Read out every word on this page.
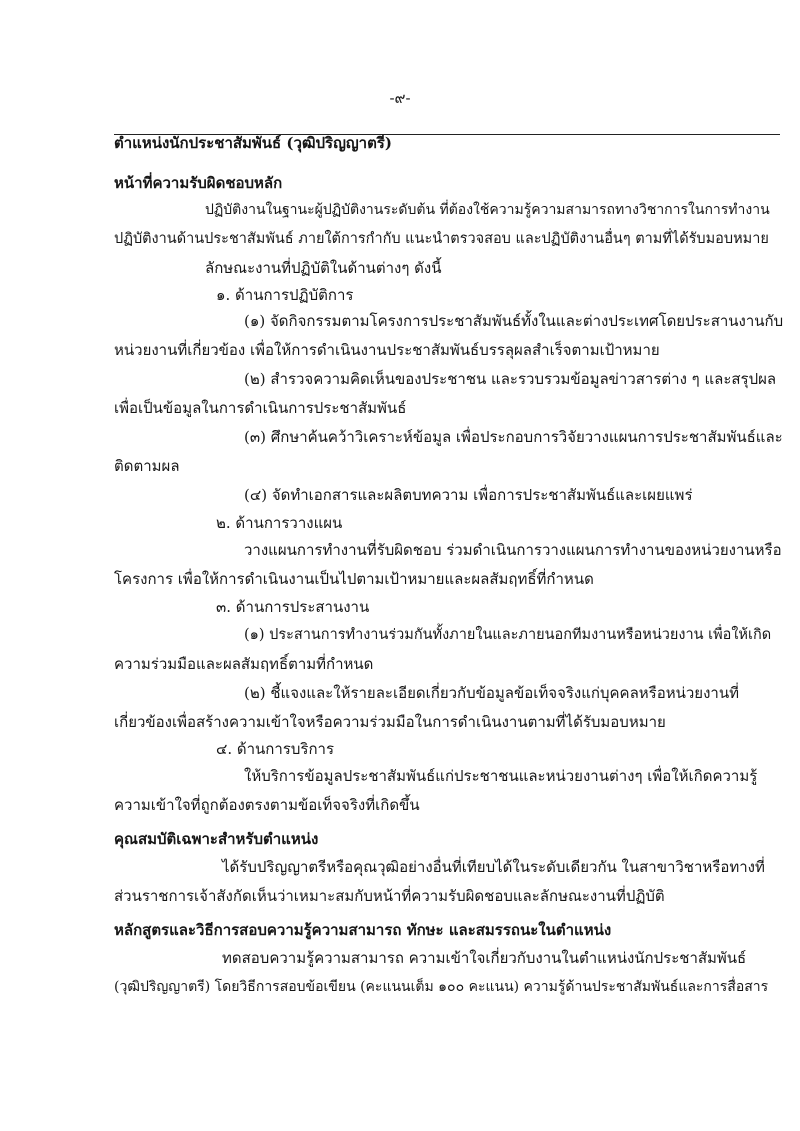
-๙-
ตำแหน่งนักประชาสัมพันธ์ (วุฒิปริญญาตรี)
หน้าที่ความรับผิดชอบหลัก
ปฏิบัติงานในฐานะผู้ปฏิบัติงานระดับต้น ที่ต้องใช้ความรู้ความสามารถทางวิชาการในการทำงาน
ปฏิบัติงานด้านประชาสัมพันธ์ ภายใต้การกำกับ แนะนำตรวจสอบ และปฏิบัติงานอื่นๆ ตามที่ได้รับมอบหมาย
ลักษณะงานที่ปฏิบัติในด้านต่างๆ ดังนี้
๑. ด้านการปฏิบัติการ
(๑) จัดกิจกรรมตามโครงการประชาสัมพันธ์ทั้งในและต่างประเทศโดยประสานงานกับ
หน่วยงานที่เกี่ยวข้อง เพื่อให้การดำเนินงานประชาสัมพันธ์บรรลุผลสำเร็จตามเป้าหมาย
(๒) สำรวจความคิดเห็นของประชาชน และรวบรวมข้อมูลข่าวสารต่าง ๆ และสรุปผล
เพื่อเป็นข้อมูลในการดำเนินการประชาสัมพันธ์
(๓) ศึกษาค้นคว้าวิเคราะห์ข้อมูล เพื่อประกอบการวิจัยวางแผนการประชาสัมพันธ์และ
ติดตามผล
(๔) จัดทำเอกสารและผลิตบทความ เพื่อการประชาสัมพันธ์และเผยแพร่
๒. ด้านการวางแผน
วางแผนการทำงานที่รับผิดชอบ ร่วมดำเนินการวางแผนการทำงานของหน่วยงานหรือ
โครงการ เพื่อให้การดำเนินงานเป็นไปตามเป้าหมายและผลสัมฤทธิ์ที่กำหนด
๓. ด้านการประสานงาน
(๑) ประสานการทำงานร่วมกันทั้งภายในและภายนอกทีมงานหรือหน่วยงาน เพื่อให้เกิด
ความร่วมมือและผลสัมฤทธิ์ตามที่กำหนด
(๒) ชี้แจงและให้รายละเอียดเกี่ยวกับข้อมูลข้อเท็จจริงแก่บุคคลหรือหน่วยงานที่
เกี่ยวข้องเพื่อสร้างความเข้าใจหรือความร่วมมือในการดำเนินงานตามที่ได้รับมอบหมาย
๔. ด้านการบริการ
ให้บริการข้อมูลประชาสัมพันธ์แก่ประชาชนและหน่วยงานต่างๆ เพื่อให้เกิดความรู้
ความเข้าใจที่ถูกต้องตรงตามข้อเท็จจริงที่เกิดขึ้น
คุณสมบัติเฉพาะสำหรับตำแหน่ง
ได้รับปริญญาตรีหรือคุณวุฒิอย่างอื่นที่เทียบได้ในระดับเดียวกัน ในสาขาวิชาหรือทางที่
ส่วนราชการเจ้าสังกัดเห็นว่าเหมาะสมกับหน้าที่ความรับผิดชอบและลักษณะงานที่ปฏิบัติ
หลักสูตรและวิธีการสอบความรู้ความสามารถ ทักษะ และสมรรถนะในตำแหน่ง
ทดสอบความรู้ความสามารถ ความเข้าใจเกี่ยวกับงานในตำแหน่งนักประชาสัมพันธ์
(วุฒิปริญญาตรี) โดยวิธีการสอบข้อเขียน (คะแนนเต็ม ๑๐๐ คะแนน) ความรู้ด้านประชาสัมพันธ์และการสื่อสาร
